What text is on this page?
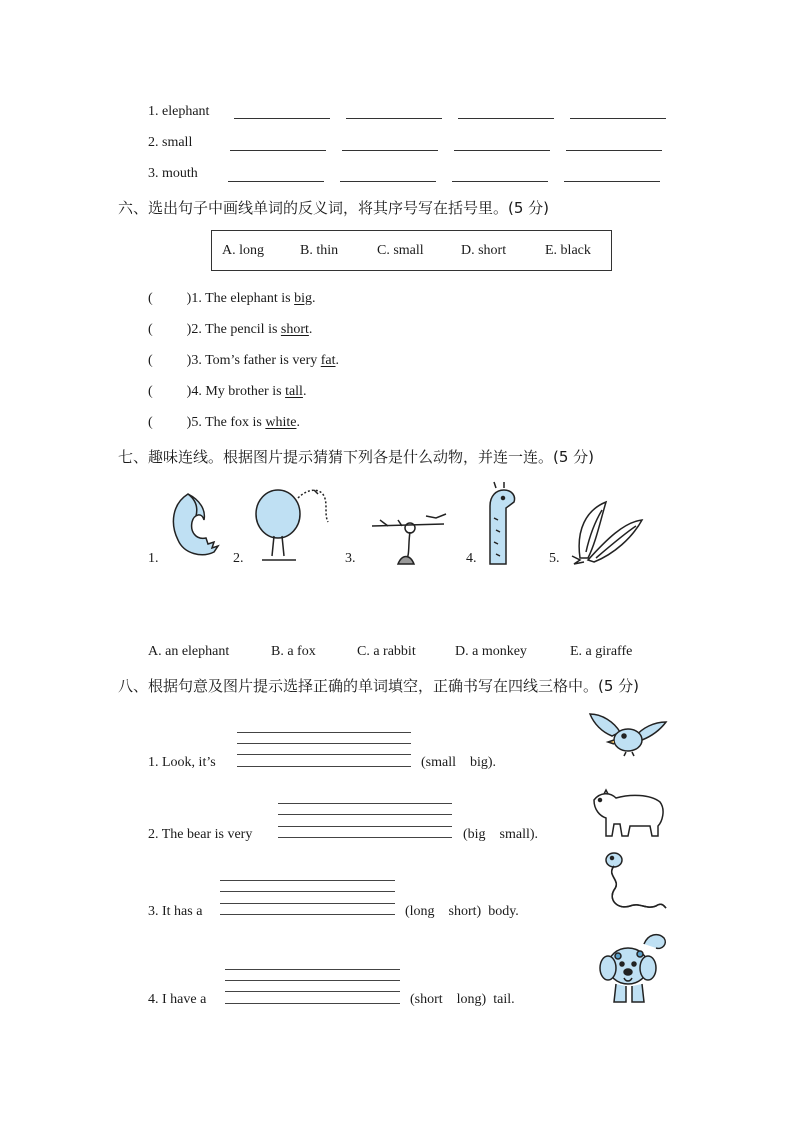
1. elephant
2. small
3. mouth
六、选出句子中画线单词的反义词，将其序号写在括号里。(5 分)
A. long	B. thin	C. small	D. short	E. black
( )1. The elephant is big.
( )2. The pencil is short.
( )3. Tom’s father is very fat.
( )4. My brother is tall.
( )5. The fox is white.
七、趣味连线。根据图片提示猜猜下列各是什么动物，并连一连。(5 分)
1.	2.	3.	4.	5.
A. an elephant	B. a fox	C. a rabbit	D. a monkey	E. a giraffe
八、根据句意及图片提示选择正确的单词填空，正确书写在四线三格中。(5 分)
1. Look, it’s	(small    big).
2. The bear is very	(big    small).
3. It has a	(long    short)  body.
4. I have a	(short    long)  tail.
